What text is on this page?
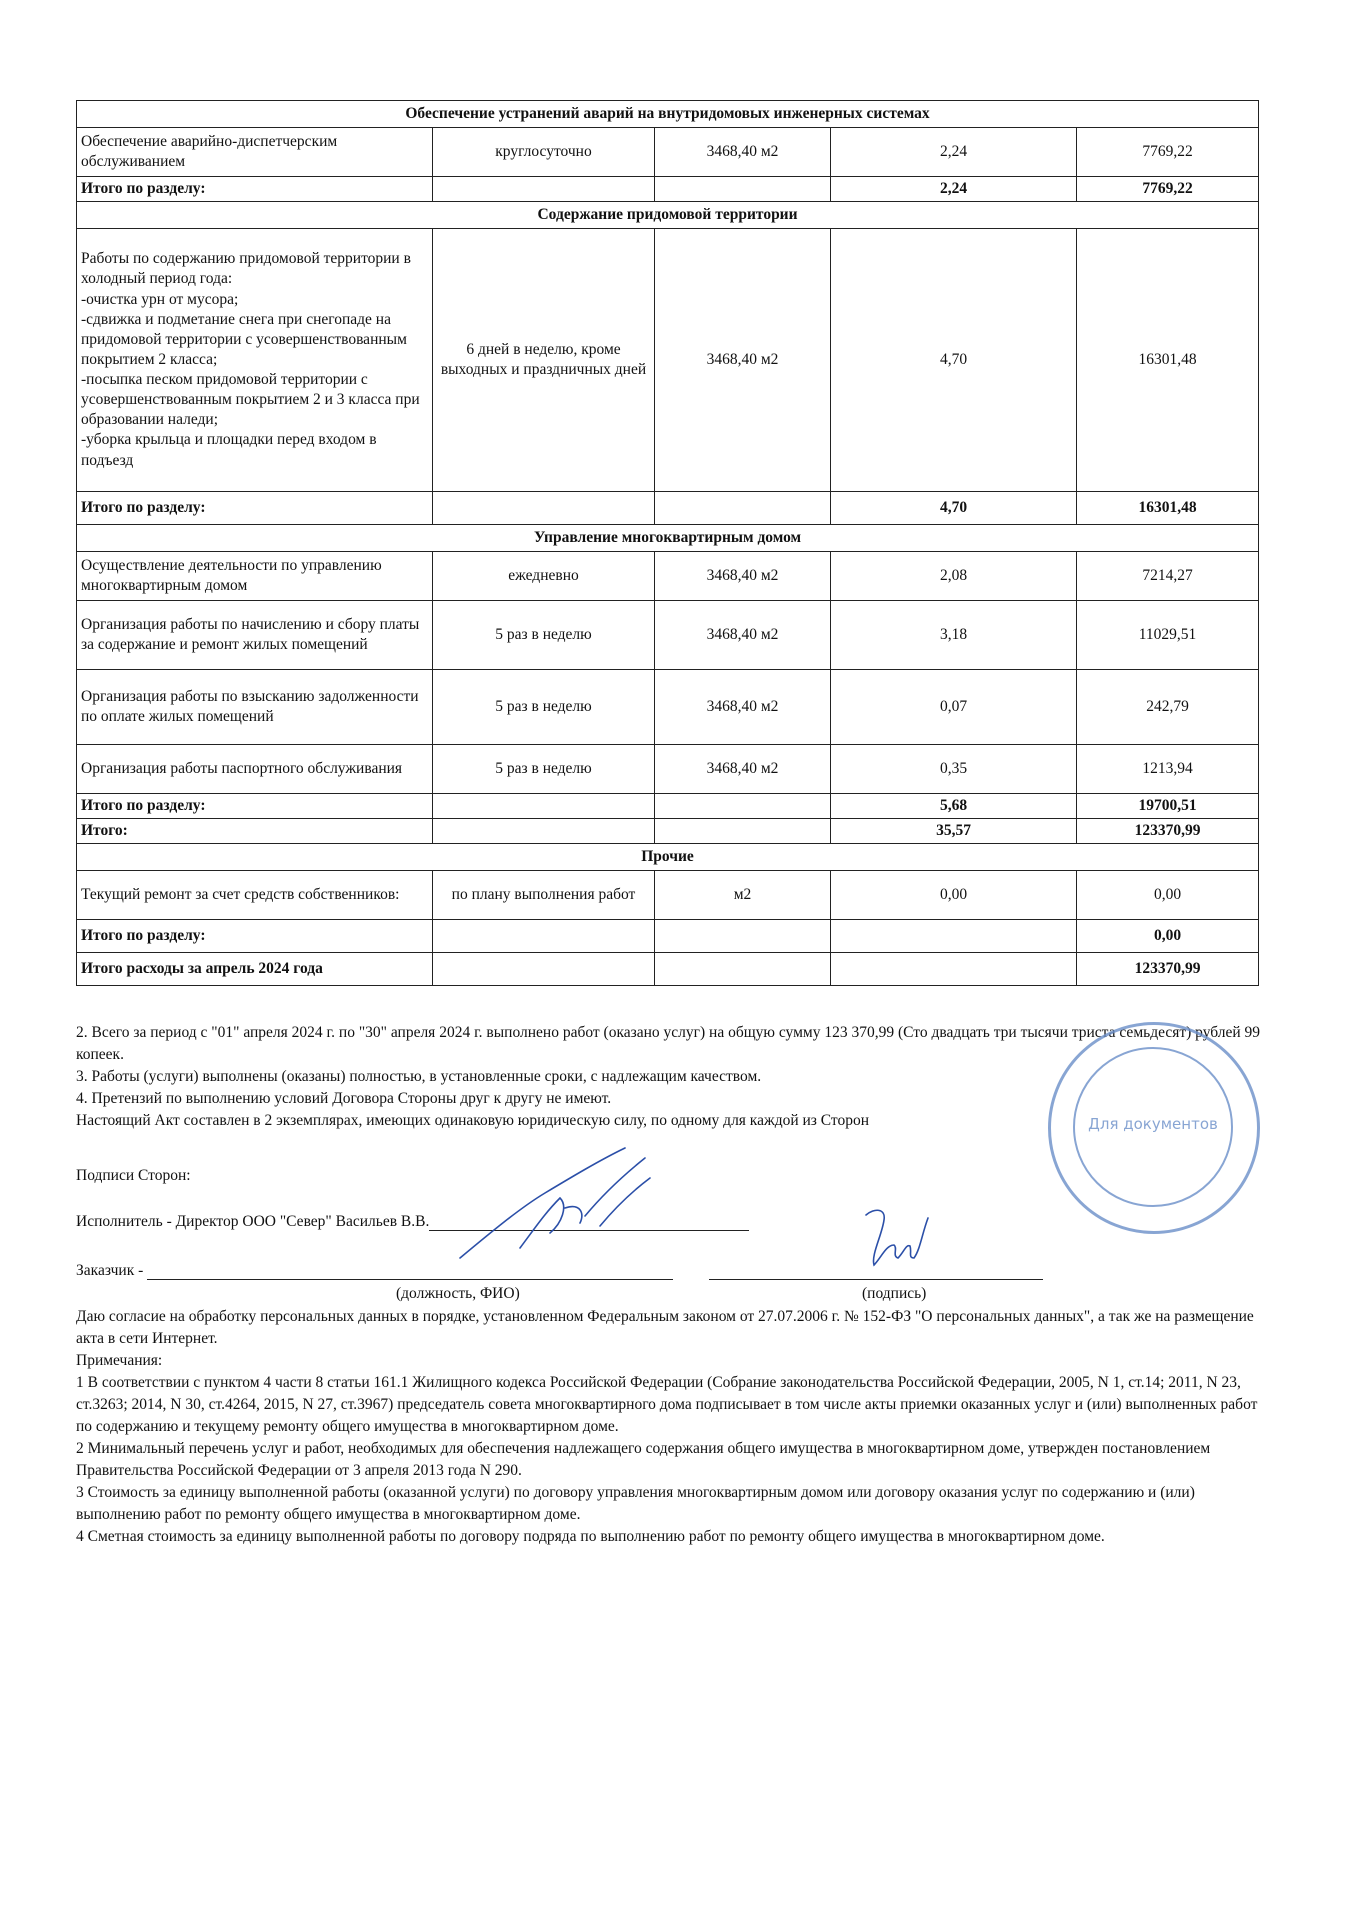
Обеспечение устранений аварий на внутридомовых инженерных системах				
Обеспечение аварийно-диспетчерским обслуживанием	круглосуточно	3468,40 м2	2,24	7769,22
Итого по разделу:			2,24	7769,22
Содержание придомовой территории				

Работы по содержанию придомовой территории в холодный период года:
-очистка урн от мусора;
-сдвижка и подметание снега при снегопаде на придомовой территории с усовершенствованным покрытием 2 класса;
-посыпка песком придомовой территории с усовершенствованным покрытием 2 и 3 класса при образовании наледи;
-уборка крыльца и площадки перед входом в подъезд	6 дней в неделю, кроме выходных и праздничных дней	3468,40 м2	4,70	16301,48
Итого по разделу:			4,70	16301,48
Управление многоквартирным домом				
Осуществление деятельности по управлению многоквартирным домом	ежедневно	3468,40 м2	2,08	7214,27
Организация работы по начислению и сбору платы за содержание и ремонт жилых помещений	5 раз в неделю	3468,40 м2	3,18	11029,51
Организация работы по взысканию задолженности по оплате жилых помещений	5 раз в неделю	3468,40 м2	0,07	242,79
Организация работы паспортного обслуживания	5 раз в неделю	3468,40 м2	0,35	1213,94
Итого по разделу:			5,68	19700,51
Итого:			35,57	123370,99
Прочие				
Текущий ремонт за счет средств собственников:	по плану выполнения работ	м2	0,00	0,00
Итого по разделу:				0,00
Итого расходы за апрель 2024 года				123370,99

2. Всего за период с "01" апреля 2024 г. по "30" апреля 2024 г. выполнено работ (оказано услуг) на общую сумму 123 370,99 (Сто двадцать три тысячи триста семьдесят) рублей 99 копеек.

3. Работы (услуги) выполнены (оказаны) полностью, в установленные сроки, с надлежащим качеством.

4. Претензий по выполнению условий Договора Стороны друг к другу не имеют.

Настоящий Акт составлен в 2 экземплярах, имеющих одинаковую юридическую силу, по одному для каждой из Сторон

Подписи Сторон:
Исполнитель - Директор ООО "Север" Васильев В.В.
Заказчик -
(должность, ФИО)	(подпись)

Даю согласие на обработку персональных данных в порядке, установленном Федеральным законом от 27.07.2006 г. № 152-ФЗ "О персональных данных", а так же на размещение акта в сети Интернет.

Примечания:

1 В соответствии с пунктом 4 части 8 статьи 161.1 Жилищного кодекса Российской Федерации (Собрание законодательства Российской Федерации, 2005, N 1, ст.14; 2011, N 23, ст.3263; 2014, N 30, ст.4264, 2015, N 27, ст.3967) председатель совета многоквартирного дома подписывает в том числе акты приемки оказанных услуг и (или) выполненных работ по содержанию и текущему ремонту общего имущества в многоквартирном доме.

2 Минимальный перечень услуг и работ, необходимых для обеспечения надлежащего содержания общего имущества в многоквартирном доме, утвержден постановлением Правительства Российской Федерации от 3 апреля 2013 года N 290.

3 Стоимость за единицу выполненной работы (оказанной услуги) по договору управления многоквартирным домом или договору оказания услуг по содержанию и (или) выполнению работ по ремонту общего имущества в многоквартирном доме.

4 Сметная стоимость за единицу выполненной работы по договору подряда по выполнению работ по ремонту общего имущества в многоквартирном доме.

Для документов
